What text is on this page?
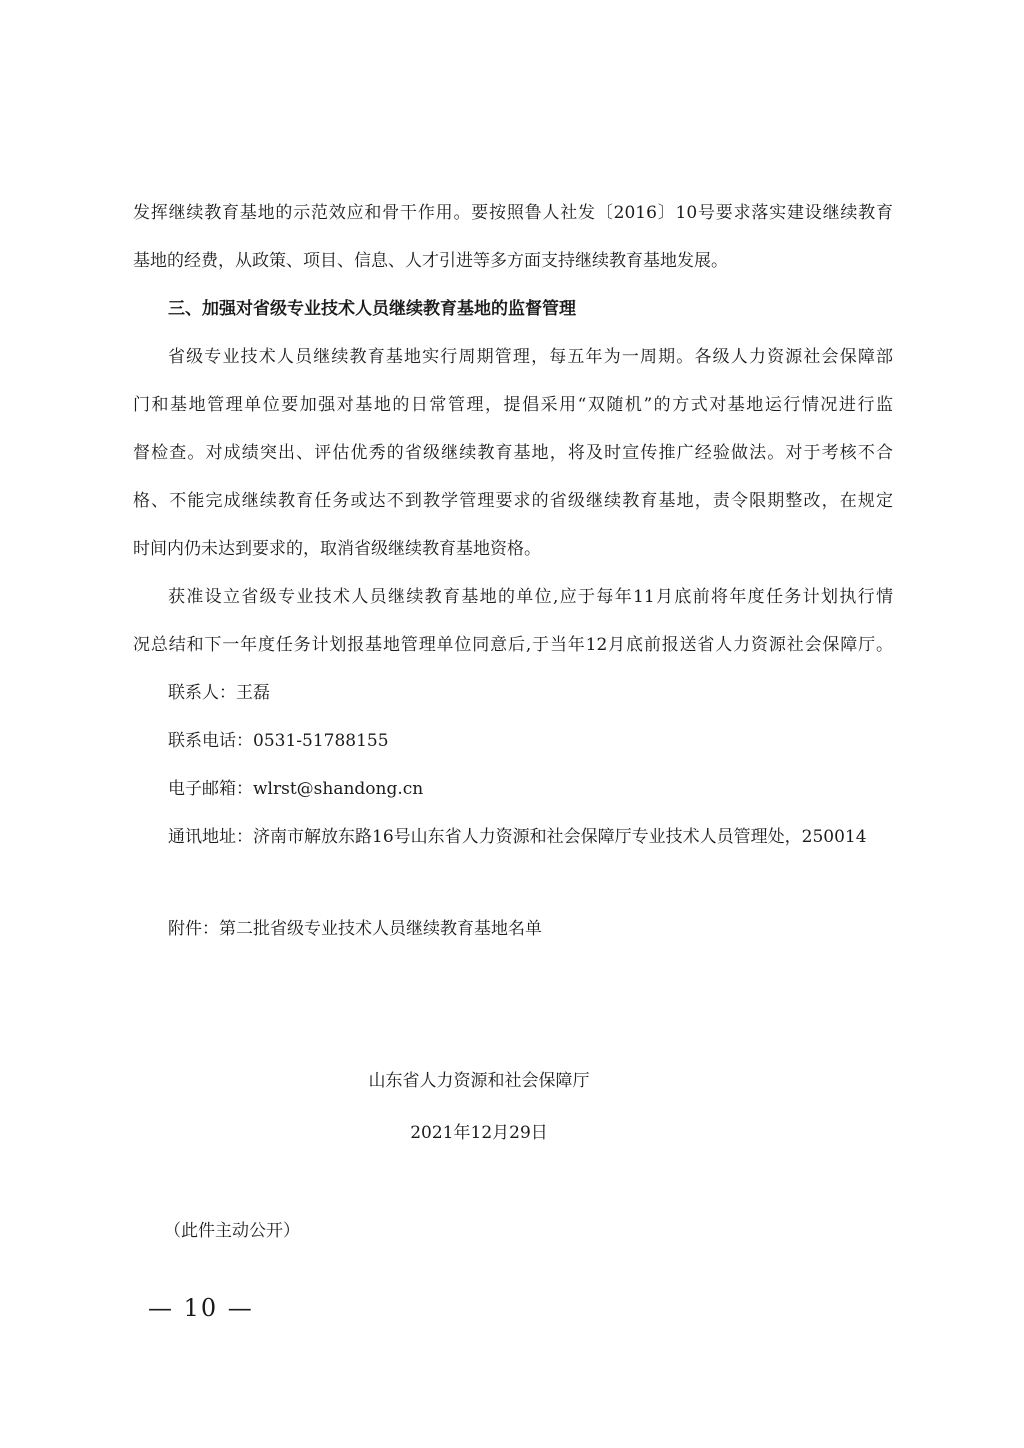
发挥继续教育基地的示范效应和骨干作用。要按照鲁人社发〔2016〕10号要求落实建设继续教育
基地的经费，从政策、项目、信息、人才引进等多方面支持继续教育基地发展。
三、加强对省级专业技术人员继续教育基地的监督管理
省级专业技术人员继续教育基地实行周期管理，每五年为一周期。各级人力资源社会保障部
门和基地管理单位要加强对基地的日常管理，提倡采用“双随机”的方式对基地运行情况进行监
督检查。对成绩突出、评估优秀的省级继续教育基地，将及时宣传推广经验做法。对于考核不合
格、不能完成继续教育任务或达不到教学管理要求的省级继续教育基地，责令限期整改，在规定
时间内仍未达到要求的，取消省级继续教育基地资格。
获准设立省级专业技术人员继续教育基地的单位,应于每年11月底前将年度任务计划执行情
况总结和下一年度任务计划报基地管理单位同意后,于当年12月底前报送省人力资源社会保障厅。
联系人：王磊
联系电话：0531-51788155
电子邮箱：wlrst@shandong.cn
通讯地址：济南市解放东路16号山东省人力资源和社会保障厅专业技术人员管理处，250014
附件：第二批省级专业技术人员继续教育基地名单
山东省人力资源和社会保障厅
2021年12月29日
（此件主动公开）
— 10 —
